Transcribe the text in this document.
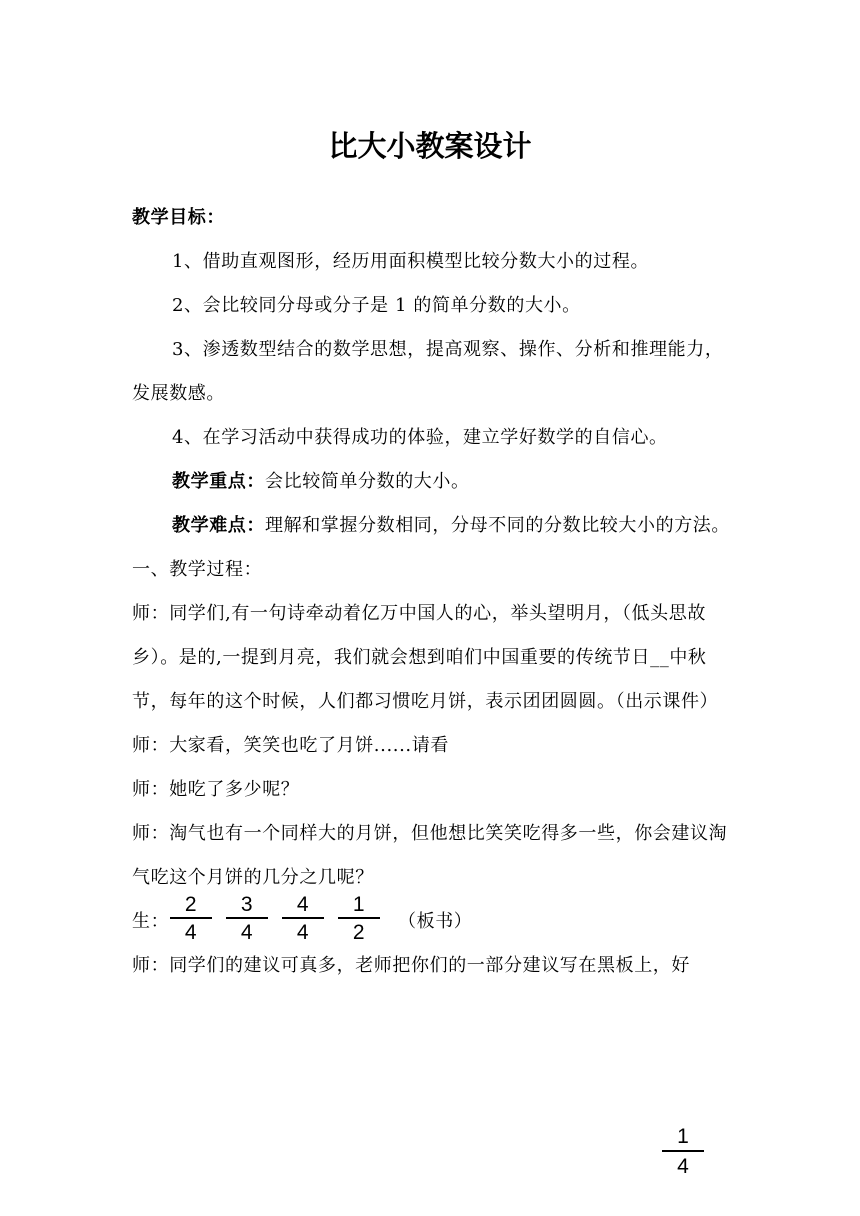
比大小教案设计

教学目标：

1、借助直观图形，经历用面积模型比较分数大小的过程。

2、会比较同分母或分子是 1 的简单分数的大小。

3、渗透数型结合的数学思想，提高观察、操作、分析和推理能力，发展数感。

4、在学习活动中获得成功的体验，建立学好数学的自信心。

教学重点：会比较简单分数的大小。

教学难点：理解和掌握分数相同，分母不同的分数比较大小的方法。

一、教学过程：

师：同学们,有一句诗牵动着亿万中国人的心，举头望明月，（低头思故乡）。是的,一提到月亮，我们就会想到咱们中国重要的传统节日__中秋节，每年的这个时候，人们都习惯吃月饼，表示团团圆圆。（出示课件）

师：大家看，笑笑也吃了月饼......请看

师：她吃了多少呢？

师：淘气也有一个同样大的月饼，但他想比笑笑吃得多一些，你会建议淘气吃这个月饼的几分之几呢？

生： $\frac{2}{4} \frac{3}{4} \frac{4}{4} \frac{1}{2}$ （板书）

师：同学们的建议可真多，老师把你们的一部分建议写在黑板上，好

1
4
